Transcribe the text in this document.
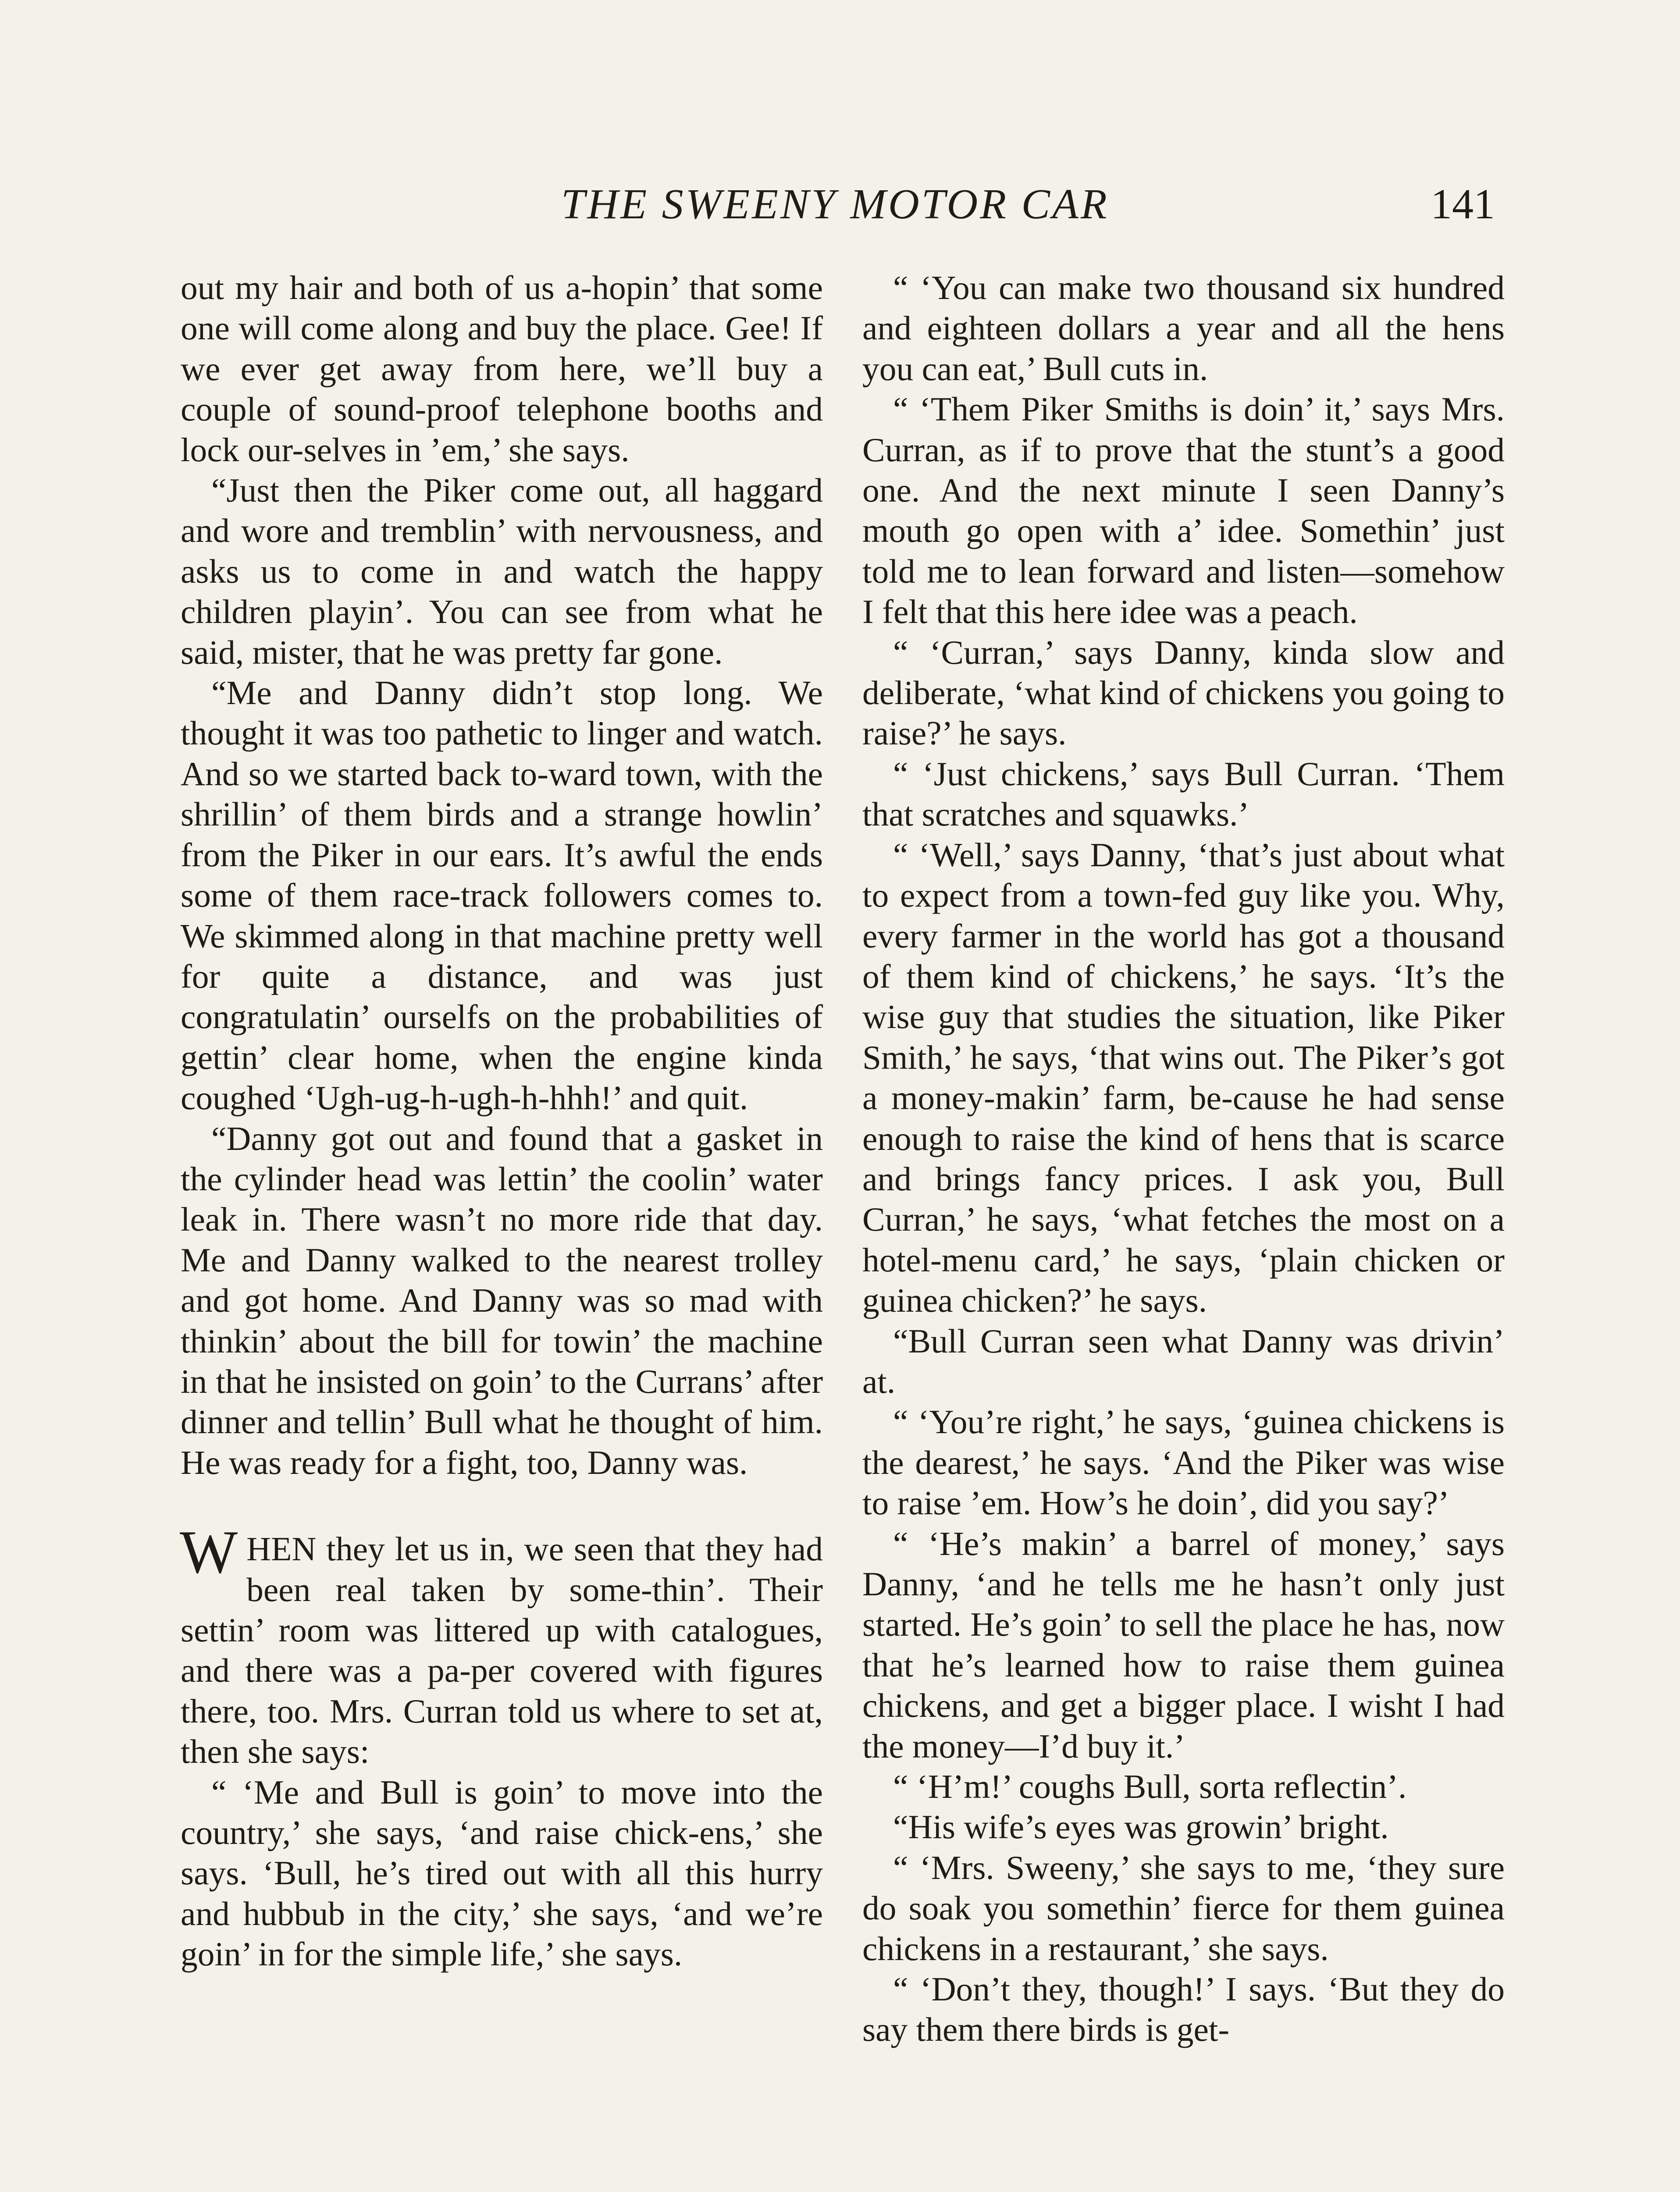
THE SWEENY MOTOR CAR	141

out my hair and both of us a-hopin’ that some one will come along and buy the place. Gee! If we ever get away from here, we’ll buy a couple of sound-proof telephone booths and lock our-selves in ’em,’ she says.

“Just then the Piker come out, all haggard and wore and tremblin’ with nervousness, and asks us to come in and watch the happy children playin’. You can see from what he said, mister, that he was pretty far gone.

“Me and Danny didn’t stop long. We thought it was too pathetic to linger and watch. And so we started back to-ward town, with the shrillin’ of them birds and a strange howlin’ from the Piker in our ears. It’s awful the ends some of them race-track followers comes to. We skimmed along in that machine pretty well for quite a distance, and was just congratulatin’ ourselfs on the probabilities of gettin’ clear home, when the engine kinda coughed ‘Ugh-ug-h-ugh-h-hhh!’ and quit.

“Danny got out and found that a gasket in the cylinder head was lettin’ the coolin’ water leak in. There wasn’t no more ride that day. Me and Danny walked to the nearest trolley and got home. And Danny was so mad with thinkin’ about the bill for towin’ the machine in that he insisted on goin’ to the Currans’ after dinner and tellin’ Bull what he thought of him. He was ready for a fight, too, Danny was.

WHEN they let us in, we seen that they had been real taken by some-thin’. Their settin’ room was littered up with catalogues, and there was a pa-per covered with figures there, too. Mrs. Curran told us where to set at, then she says:

“ ‘Me and Bull is goin’ to move into the country,’ she says, ‘and raise chick-ens,’ she says. ‘Bull, he’s tired out with all this hurry and hubbub in the city,’ she says, ‘and we’re goin’ in for the simple life,’ she says.

“ ‘You can make two thousand six hundred and eighteen dollars a year and all the hens you can eat,’ Bull cuts in.

“ ‘Them Piker Smiths is doin’ it,’ says Mrs. Curran, as if to prove that the stunt’s a good one. And the next minute I seen Danny’s mouth go open with a’ idee. Somethin’ just told me to lean forward and listen—somehow I felt that this here idee was a peach.

“ ‘Curran,’ says Danny, kinda slow and deliberate, ‘what kind of chickens you going to raise?’ he says.

“ ‘Just chickens,’ says Bull Curran. ‘Them that scratches and squawks.’

“ ‘Well,’ says Danny, ‘that’s just about what to expect from a town-fed guy like you. Why, every farmer in the world has got a thousand of them kind of chickens,’ he says. ‘It’s the wise guy that studies the situation, like Piker Smith,’ he says, ‘that wins out. The Piker’s got a money-makin’ farm, be-cause he had sense enough to raise the kind of hens that is scarce and brings fancy prices. I ask you, Bull Curran,’ he says, ‘what fetches the most on a hotel-menu card,’ he says, ‘plain chicken or guinea chicken?’ he says.

“Bull Curran seen what Danny was drivin’ at.

“ ‘You’re right,’ he says, ‘guinea chickens is the dearest,’ he says. ‘And the Piker was wise to raise ’em. How’s he doin’, did you say?’

“ ‘He’s makin’ a barrel of money,’ says Danny, ‘and he tells me he hasn’t only just started. He’s goin’ to sell the place he has, now that he’s learned how to raise them guinea chickens, and get a bigger place. I wisht I had the money—I’d buy it.’

“ ‘H’m!’ coughs Bull, sorta reflectin’.

“His wife’s eyes was growin’ bright.

“ ‘Mrs. Sweeny,’ she says to me, ‘they sure do soak you somethin’ fierce for them guinea chickens in a restaurant,’ she says.

“ ‘Don’t they, though!’ I says. ‘But they do say them there birds is get-
